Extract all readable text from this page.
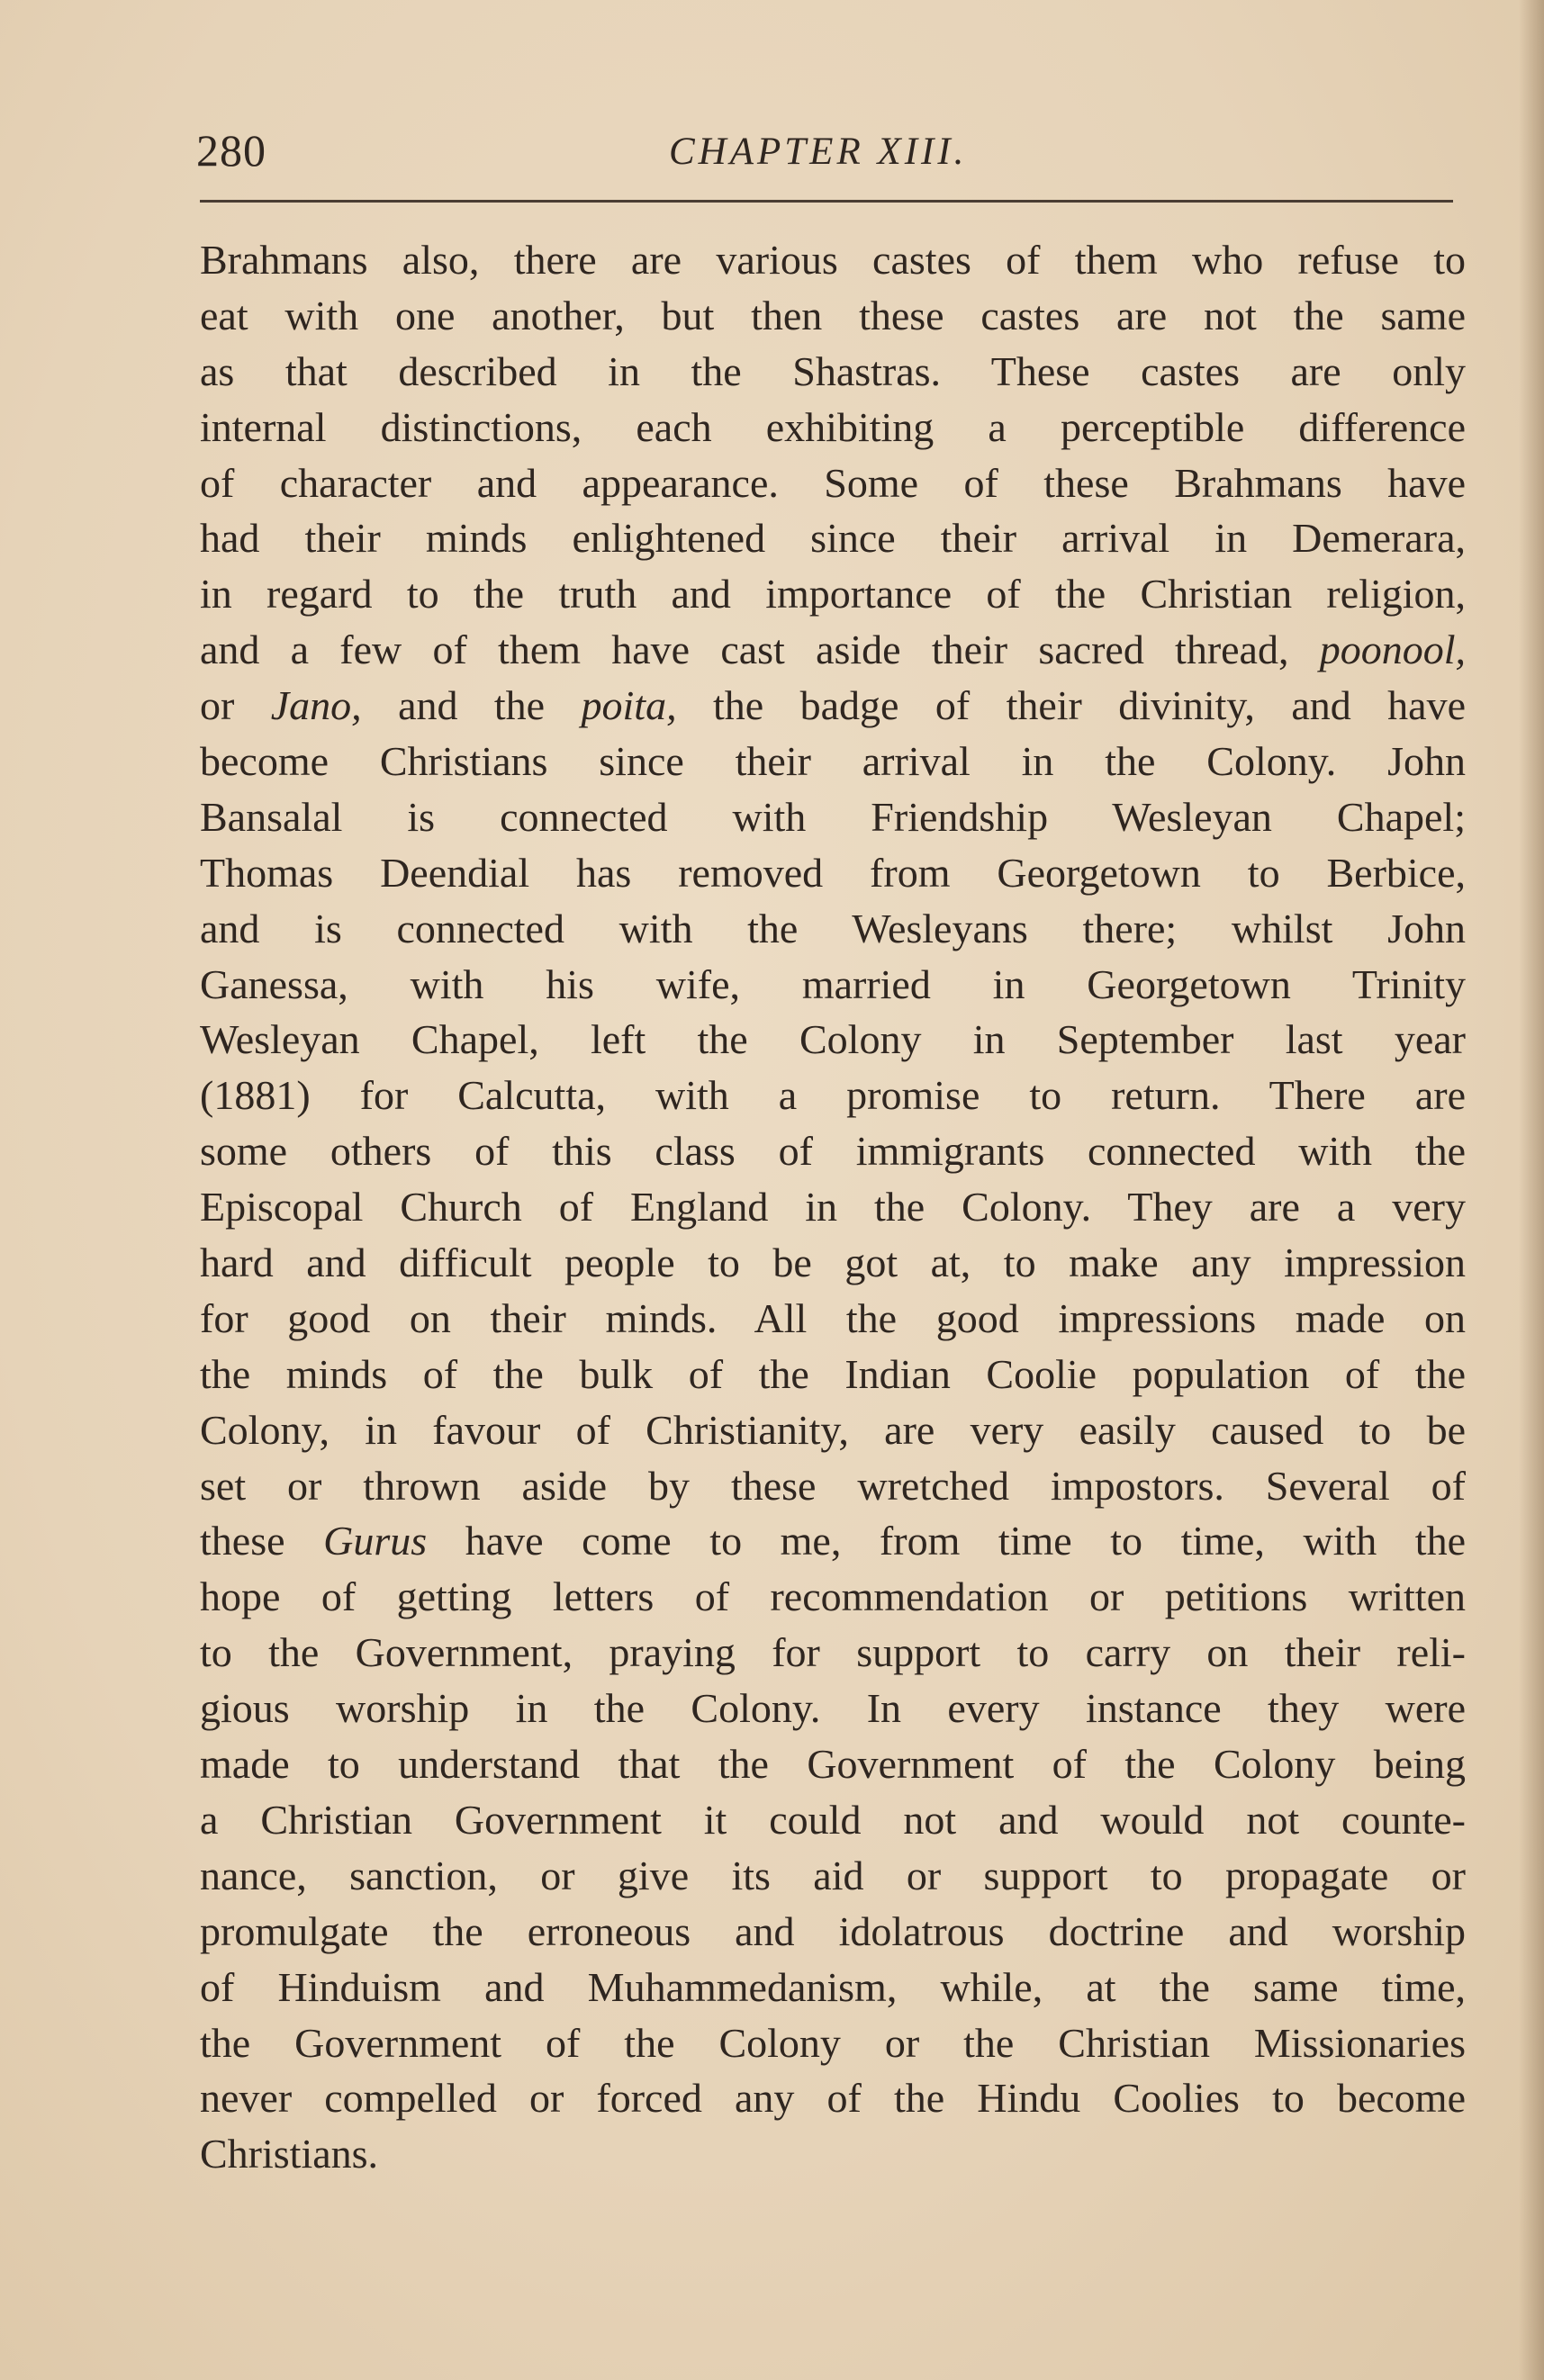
280	CHAPTER XIII.
Brahmans also, there are various castes of them who refuse to
eat with one another, but then these castes are not the same
as that described in the Shastras. These castes are only
internal distinctions, each exhibiting a perceptible difference
of character and appearance. Some of these Brahmans have
had their minds enlightened since their arrival in Demerara,
in regard to the truth and importance of the Christian religion,
and a few of them have cast aside their sacred thread, poonool,
or Jano, and the poita, the badge of their divinity, and have
become Christians since their arrival in the Colony. John
Bansalal is connected with Friendship Wesleyan Chapel;
Thomas Deendial has removed from Georgetown to Berbice,
and is connected with the Wesleyans there; whilst John
Ganessa, with his wife, married in Georgetown Trinity
Wesleyan Chapel, left the Colony in September last year
(1881) for Calcutta, with a promise to return. There are
some others of this class of immigrants connected with the
Episcopal Church of England in the Colony. They are a very
hard and difficult people to be got at, to make any impression
for good on their minds. All the good impressions made on
the minds of the bulk of the Indian Coolie population of the
Colony, in favour of Christianity, are very easily caused to be
set or thrown aside by these wretched impostors. Several of
these Gurus have come to me, from time to time, with the
hope of getting letters of recommendation or petitions written
to the Government, praying for support to carry on their reli-
gious worship in the Colony. In every instance they were
made to understand that the Government of the Colony being
a Christian Government it could not and would not counte-
nance, sanction, or give its aid or support to propagate or
promulgate the erroneous and idolatrous doctrine and worship
of Hinduism and Muhammedanism, while, at the same time,
the Government of the Colony or the Christian Missionaries
never compelled or forced any of the Hindu Coolies to become
Christians.
